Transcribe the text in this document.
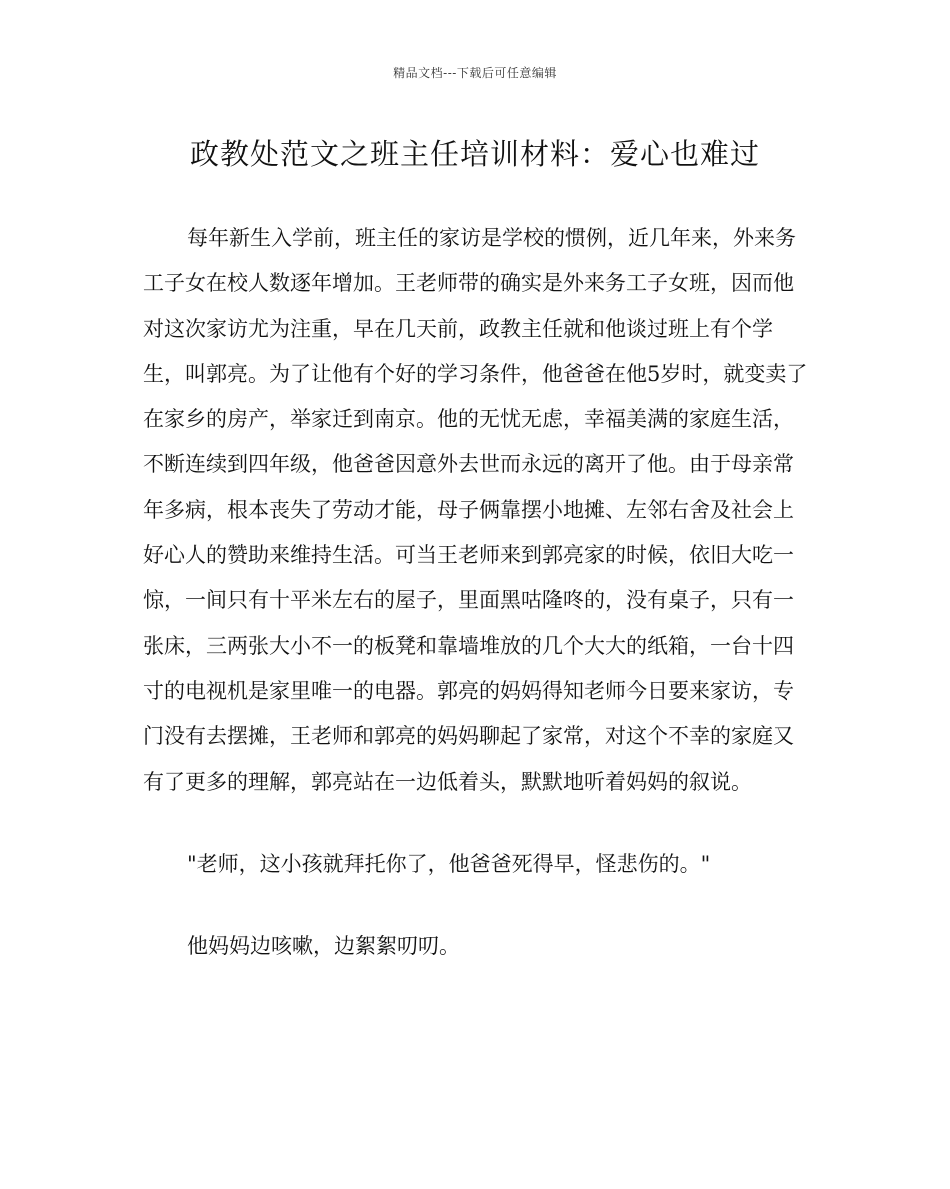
精品文档---下载后可任意编辑
政教处范文之班主任培训材料：爱心也难过

每年新生入学前，班主任的家访是学校的惯例，近几年来，外来务工子女在校人数逐年增加。王老师带的确实是外来务工子女班，因而他对这次家访尤为注重，早在几天前，政教主任就和他谈过班上有个学生，叫郭亮。为了让他有个好的学习条件，他爸爸在他5岁时，就变卖了在家乡的房产，举家迁到南京。他的无忧无虑，幸福美满的家庭生活，不断连续到四年级，他爸爸因意外去世而永远的离开了他。由于母亲常年多病，根本丧失了劳动才能，母子俩靠摆小地摊、左邻右舍及社会上好心人的赞助来维持生活。可当王老师来到郭亮家的时候，依旧大吃一惊，一间只有十平米左右的屋子，里面黑咕隆咚的，没有桌子，只有一张床，三两张大小不一的板凳和靠墙堆放的几个大大的纸箱，一台十四寸的电视机是家里唯一的电器。郭亮的妈妈得知老师今日要来家访，专门没有去摆摊，王老师和郭亮的妈妈聊起了家常，对这个不幸的家庭又有了更多的理解，郭亮站在一边低着头，默默地听着妈妈的叙说。

"老师，这小孩就拜托你了，他爸爸死得早，怪悲伤的。"

他妈妈边咳嗽，边絮絮叨叨。
